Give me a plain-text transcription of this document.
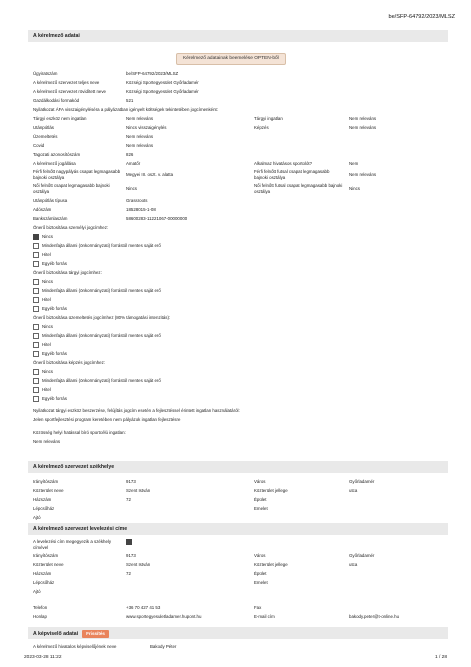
be/SFP-64792/2023/MLSZ
A kérelmező adatai
Kérelmező adatainak beemelése OPTEN-ből
Ügyiratszám	be/SFP-64792/2023/MLSZ
A kérelmező szervezet teljes neve	Községi Sportegyesület Győrladamér
A kérelmező szervezet rövidített neve	Községi Sportegyesület Győrladamér
Gazdálkodási formakód	521
Nyilatkozat ÁFA visszaigényléséra a pályázatban igényelt költségek tekintetében jogcímenként:
Tárgyi eszköz nem ingatlan	Nem releváns	Tárgyi ingatlan	Nem releváns
Utánpótlás	Nincs visszaigénylés	Képzés	Nem releváns
Üzemeltetés	Nem releváns
Covid	Nem releváns
Tagozati azonosítószám	826
A kérelmező jogállása	Amatőr	Alkalmaz hivatásos sportolót?	Nem
Férfi felnőtt nagypályás csapat legmagasabb bajnoki osztálya	Megyei III. oszt. v. alatta
Férfi felnőtt futsal csapat legmagasabb bajnoki osztálya	Nem releváns
Női felnőtt csapat legmagasabb bajnoki osztálya	Nincs
Női felnőtt futsal csapat legmagasabb bajnoki osztálya	Nincs
Utánpótlás típusa	Grassroots
Adószám	18528015-1-08
Bankszámlaszám	58600283-11221067-00000000
Önerő biztosítása személyi jogcímhez:
Nincs
Mindenfajta állami (önkormányzati) forrástól mentes saját erő
Hitel
Egyéb forrás
Önerő biztosítása tárgyi jogcímhez:
Nincs
Mindenfajta állami (önkormányzati) forrástól mentes saját erő
Hitel
Egyéb forrás
Önerő biztosítása üzemeltetés jogcímhez (80% támogatási intenzitás):
Nincs
Mindenfajta állami (önkormányzati) forrástól mentes saját erő
Hitel
Egyéb forrás
Önerő biztosítása képzés jogcímhez:
Nincs
Mindenfajta állami (önkormányzati) forrástól mentes saját erő
Hitel
Egyéb forrás
Nyilatkozat tárgyi eszköz beszerzése, felújítás jogcím esetén a fejlesztéssel érintett ingatlan használatáról:
Jelen sportfejlesztési program keretében nem pályázok ingatlan fejlesztésre
Közösség helyi hatással bíró sportcélú ingatlan:
Nem releváns
A kérelmező szervezet székhelye
Irányítószám	9173	Város	Győrladamér
Közterület neve	Szent István	Közterület jellege	utca
Házszám	72	Épület
Lépcsőház	Emelet
Ajtó
A kérelmező szervezet levelezési címe
A levelezési cím megegyezik a székhely címével
Irányítószám	9173	Város	Győrladamér
Közterület neve	Szent István	Közterület jellege	utca
Házszám	72	Épület
Lépcsőház	Emelet
Ajtó
Telefon	+36 70 427 41 53	Fax
Honlap	www.sportegyesuletladamer.hupont.hu	E-mail cím	bakody.peter@t-online.hu
A képviselő adatai Frissítés
A kérelmező hivatalos képviselőjének neve	Bakody Péter
2023-03-28 11:22	1 / 28
